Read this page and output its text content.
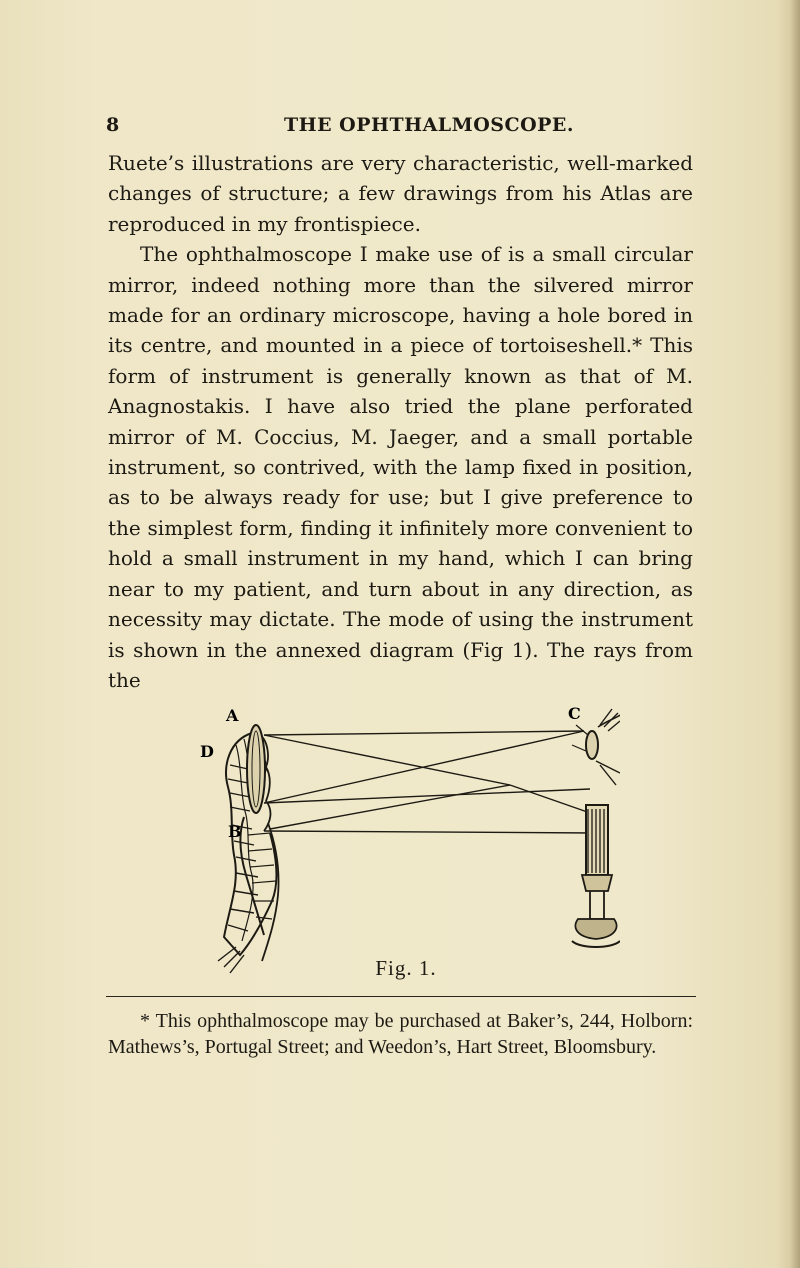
8	THE OPHTHALMOSCOPE.

Ruete’s illustrations are very characteristic, well-marked changes of structure; a few drawings from his Atlas are reproduced in my frontispiece.

The ophthalmoscope I make use of is a small circular mirror, indeed nothing more than the silvered mirror made for an ordinary microscope, having a hole bored in its centre, and mounted in a piece of tortoiseshell.* This form of instrument is generally known as that of M. Anagnostakis. I have also tried the plane perforated mirror of M. Coccius, M. Jaeger, and a small portable instrument, so contrived, with the lamp fixed in position, as to be always ready for use; but I give preference to the simplest form, finding it infinitely more convenient to hold a small instrument in my hand, which I can bring near to my patient, and turn about in any direction, as necessity may dictate. The mode of using the instrument is shown in the annexed diagram (Fig 1). The rays from the

A
D
B
C
Fig. 1.

* This ophthalmoscope may be purchased at Baker’s, 244, Holborn: Mathews’s, Portugal Street; and Weedon’s, Hart Street, Bloomsbury.
